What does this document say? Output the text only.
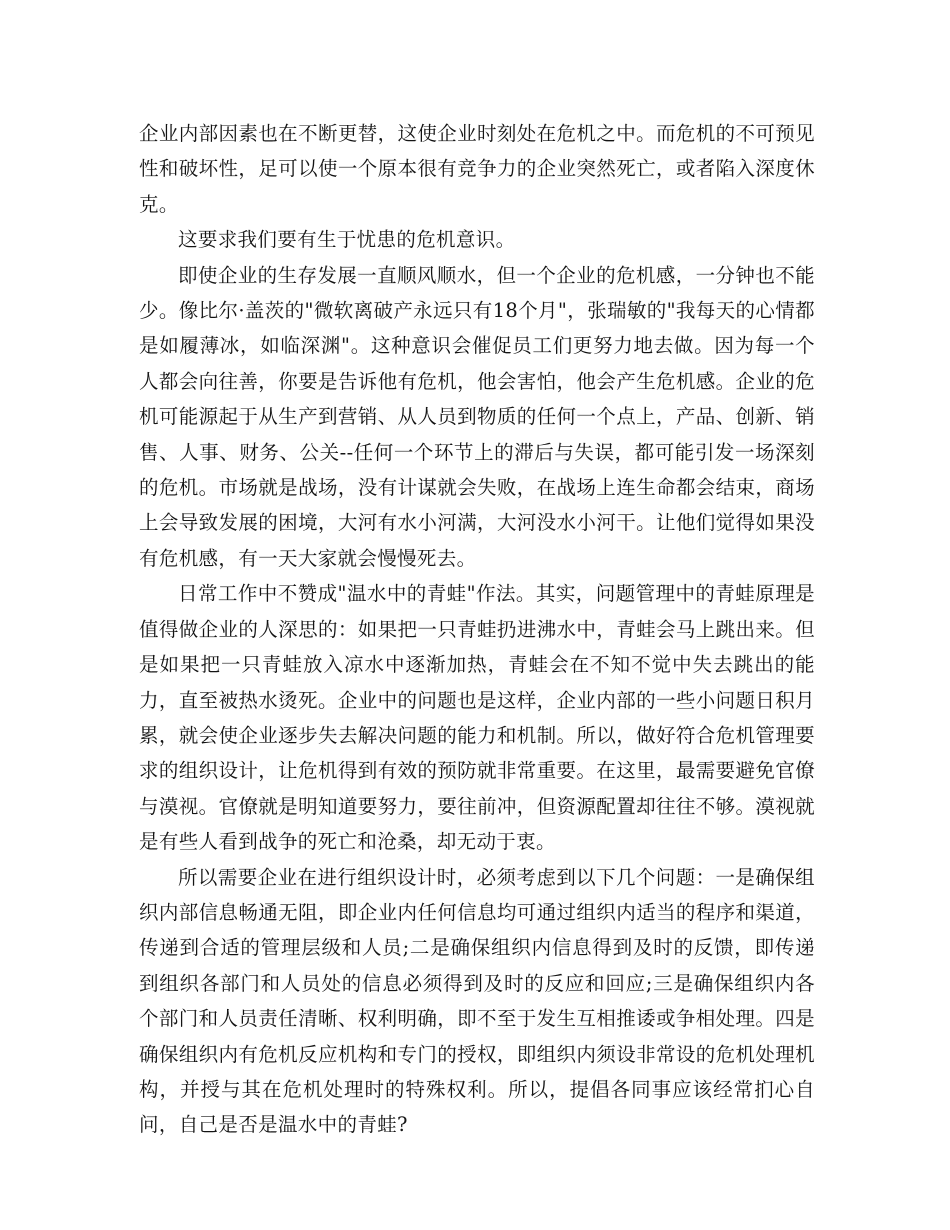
企业内部因素也在不断更替，这使企业时刻处在危机之中。而危机的不可预见性和破坏性，足可以使一个原本很有竞争力的企业突然死亡，或者陷入深度休克。

这要求我们要有生于忧患的危机意识。

即使企业的生存发展一直顺风顺水，但一个企业的危机感，一分钟也不能少。像比尔·盖茨的"微软离破产永远只有18个月"，张瑞敏的"我每天的心情都是如履薄冰，如临深渊"。这种意识会催促员工们更努力地去做。因为每一个人都会向往善，你要是告诉他有危机，他会害怕，他会产生危机感。企业的危机可能源起于从生产到营销、从人员到物质的任何一个点上，产品、创新、销售、人事、财务、公关--任何一个环节上的滞后与失误，都可能引发一场深刻的危机。市场就是战场，没有计谋就会失败，在战场上连生命都会结束，商场上会导致发展的困境，大河有水小河满，大河没水小河干。让他们觉得如果没有危机感，有一天大家就会慢慢死去。

日常工作中不赞成"温水中的青蛙"作法。其实，问题管理中的青蛙原理是值得做企业的人深思的：如果把一只青蛙扔进沸水中，青蛙会马上跳出来。但是如果把一只青蛙放入凉水中逐渐加热，青蛙会在不知不觉中失去跳出的能力，直至被热水烫死。企业中的问题也是这样，企业内部的一些小问题日积月累，就会使企业逐步失去解决问题的能力和机制。所以，做好符合危机管理要求的组织设计，让危机得到有效的预防就非常重要。在这里，最需要避免官僚与漠视。官僚就是明知道要努力，要往前冲，但资源配置却往往不够。漠视就是有些人看到战争的死亡和沧桑，却无动于衷。

所以需要企业在进行组织设计时，必须考虑到以下几个问题：一是确保组织内部信息畅通无阻，即企业内任何信息均可通过组织内适当的程序和渠道，传递到合适的管理层级和人员;二是确保组织内信息得到及时的反馈，即传递到组织各部门和人员处的信息必须得到及时的反应和回应;三是确保组织内各个部门和人员责任清晰、权利明确，即不至于发生互相推诿或争相处理。四是确保组织内有危机反应机构和专门的授权，即组织内须设非常设的危机处理机构，并授与其在危机处理时的特殊权利。所以，提倡各同事应该经常扪心自问，自己是否是温水中的青蛙?
